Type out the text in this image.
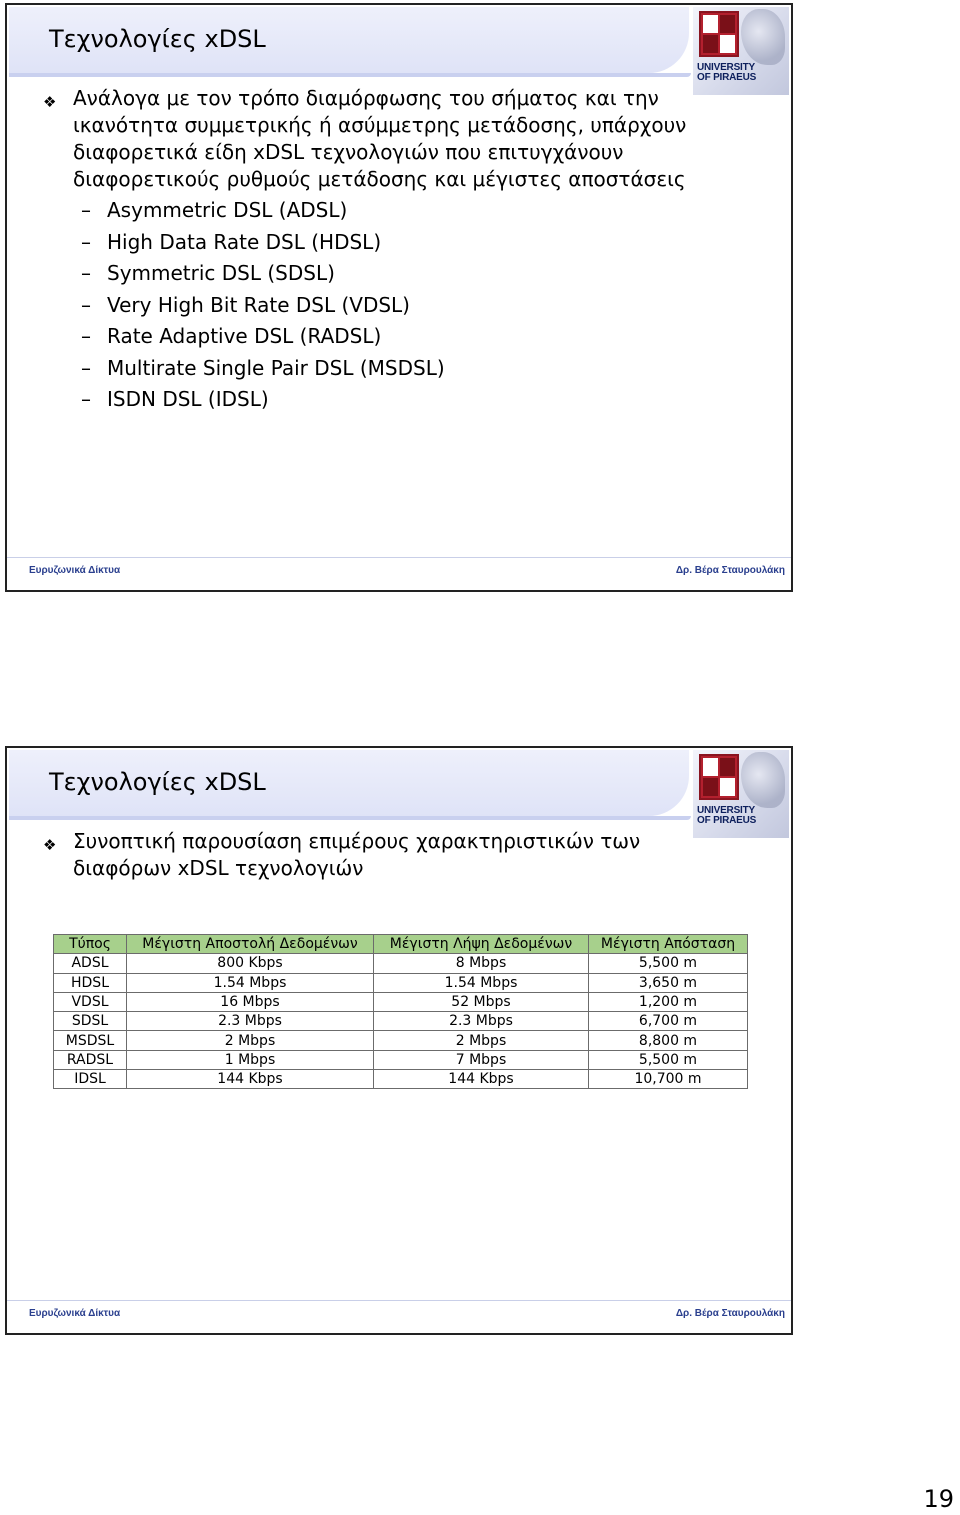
Τεχνολογίες xDSL
UNIVERSITY
OF PIRAEUS
❖ Ανάλογα με τον τρόπο διαμόρφωσης του σήματος και την ικανότητα συμμετρικής ή ασύμμετρης μετάδοσης, υπάρχουν διαφορετικά είδη xDSL τεχνολογιών που επιτυγχάνουν διαφορετικούς ρυθμούς μετάδοσης και μέγιστες αποστάσεις
– Asymmetric DSL (ADSL)
– High Data Rate DSL (HDSL)
– Symmetric DSL (SDSL)
– Very High Bit Rate DSL (VDSL)
– Rate Adaptive DSL (RADSL)
– Multirate Single Pair DSL (MSDSL)
– ISDN DSL (IDSL)
Ευρυζωνικά Δίκτυα	Δρ. Βέρα Σταυρουλάκη
Τεχνολογίες xDSL
UNIVERSITY
OF PIRAEUS
❖ Συνοπτική παρουσίαση επιμέρους χαρακτηριστικών των διαφόρων xDSL τεχνολογιών
Τύπος	Μέγιστη Αποστολή Δεδομένων	Μέγιστη Λήψη Δεδομένων	Μέγιστη Απόσταση
ADSL	800 Kbps	8 Mbps	5,500 m
HDSL	1.54 Mbps	1.54 Mbps	3,650 m
VDSL	16 Mbps	52 Mbps	1,200 m
SDSL	2.3 Mbps	2.3 Mbps	6,700 m
MSDSL	2 Mbps	2 Mbps	8,800 m
RADSL	1 Mbps	7 Mbps	5,500 m
IDSL	144 Kbps	144 Kbps	10,700 m
Ευρυζωνικά Δίκτυα	Δρ. Βέρα Σταυρουλάκη
19
